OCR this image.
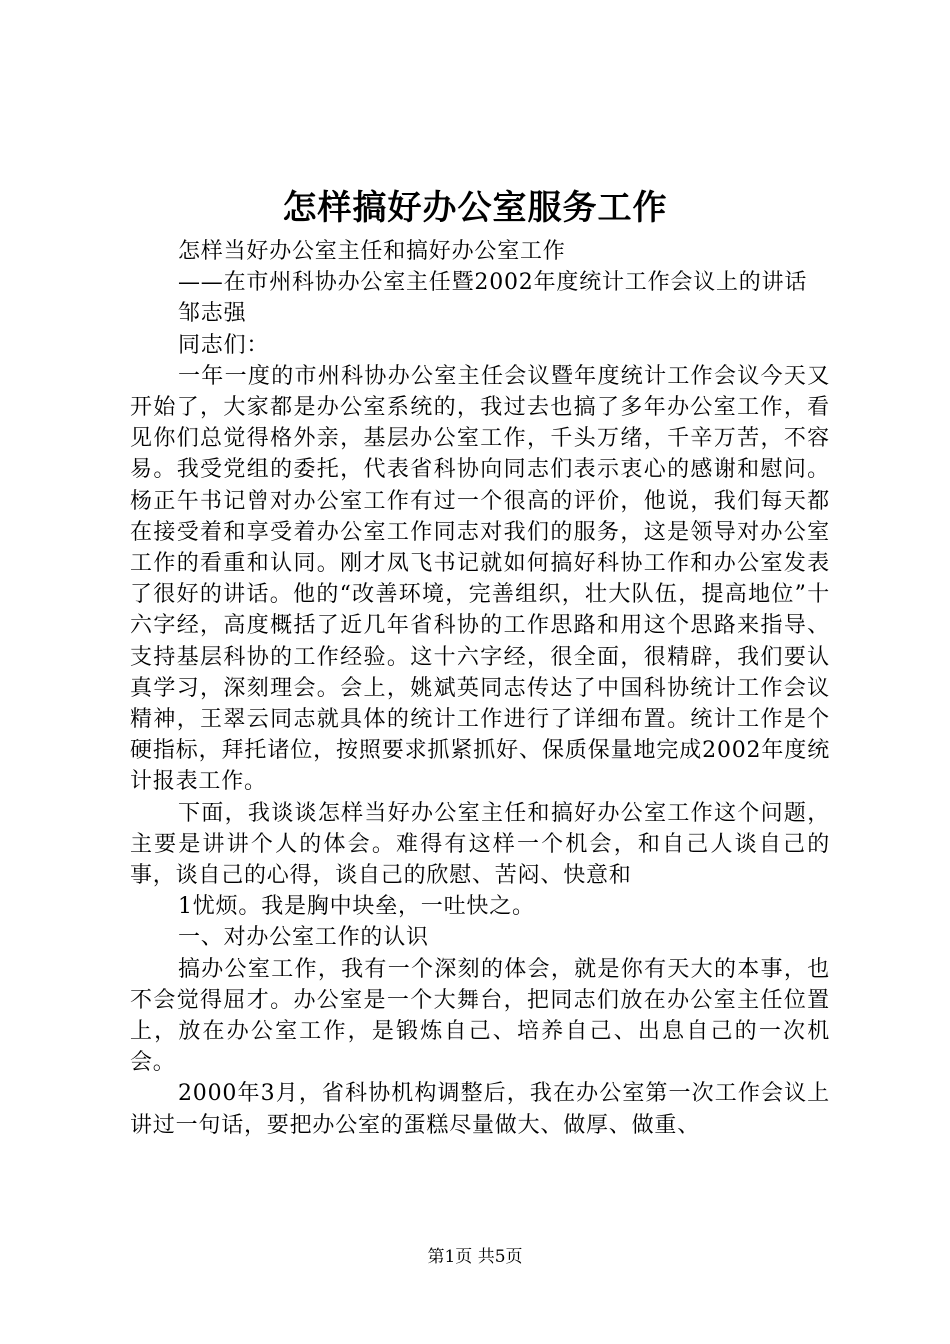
怎样搞好办公室服务工作

怎样当好办公室主任和搞好办公室工作

——在市州科协办公室主任暨2002年度统计工作会议上的讲话

邹志强

同志们：

一年一度的市州科协办公室主任会议暨年度统计工作会议今天又开始了，大家都是办公室系统的，我过去也搞了多年办公室工作，看见你们总觉得格外亲，基层办公室工作，千头万绪，千辛万苦，不容易。我受党组的委托，代表省科协向同志们表示衷心的感谢和慰问。杨正午书记曾对办公室工作有过一个很高的评价，他说，我们每天都在接受着和享受着办公室工作同志对我们的服务，这是领导对办公室工作的看重和认同。刚才凤飞书记就如何搞好科协工作和办公室发表了很好的讲话。他的“改善环境，完善组织，壮大队伍，提高地位”十六字经，高度概括了近几年省科协的工作思路和用这个思路来指导、支持基层科协的工作经验。这十六字经，很全面，很精辟，我们要认真学习，深刻理会。会上，姚斌英同志传达了中国科协统计工作会议精神，王翠云同志就具体的统计工作进行了详细布置。统计工作是个硬指标，拜托诸位，按照要求抓紧抓好、保质保量地完成2002年度统计报表工作。

下面，我谈谈怎样当好办公室主任和搞好办公室工作这个问题，主要是讲讲个人的体会。难得有这样一个机会，和自己人谈自己的事，谈自己的心得，谈自己的欣慰、苦闷、快意和

1忧烦。我是胸中块垒，一吐快之。

一、对办公室工作的认识

搞办公室工作，我有一个深刻的体会，就是你有天大的本事，也不会觉得屈才。办公室是一个大舞台，把同志们放在办公室主任位置上，放在办公室工作，是锻炼自己、培养自己、出息自己的一次机会。

2000年3月，省科协机构调整后，我在办公室第一次工作会议上讲过一句话，要把办公室的蛋糕尽量做大、做厚、做重、

第1页 共5页
